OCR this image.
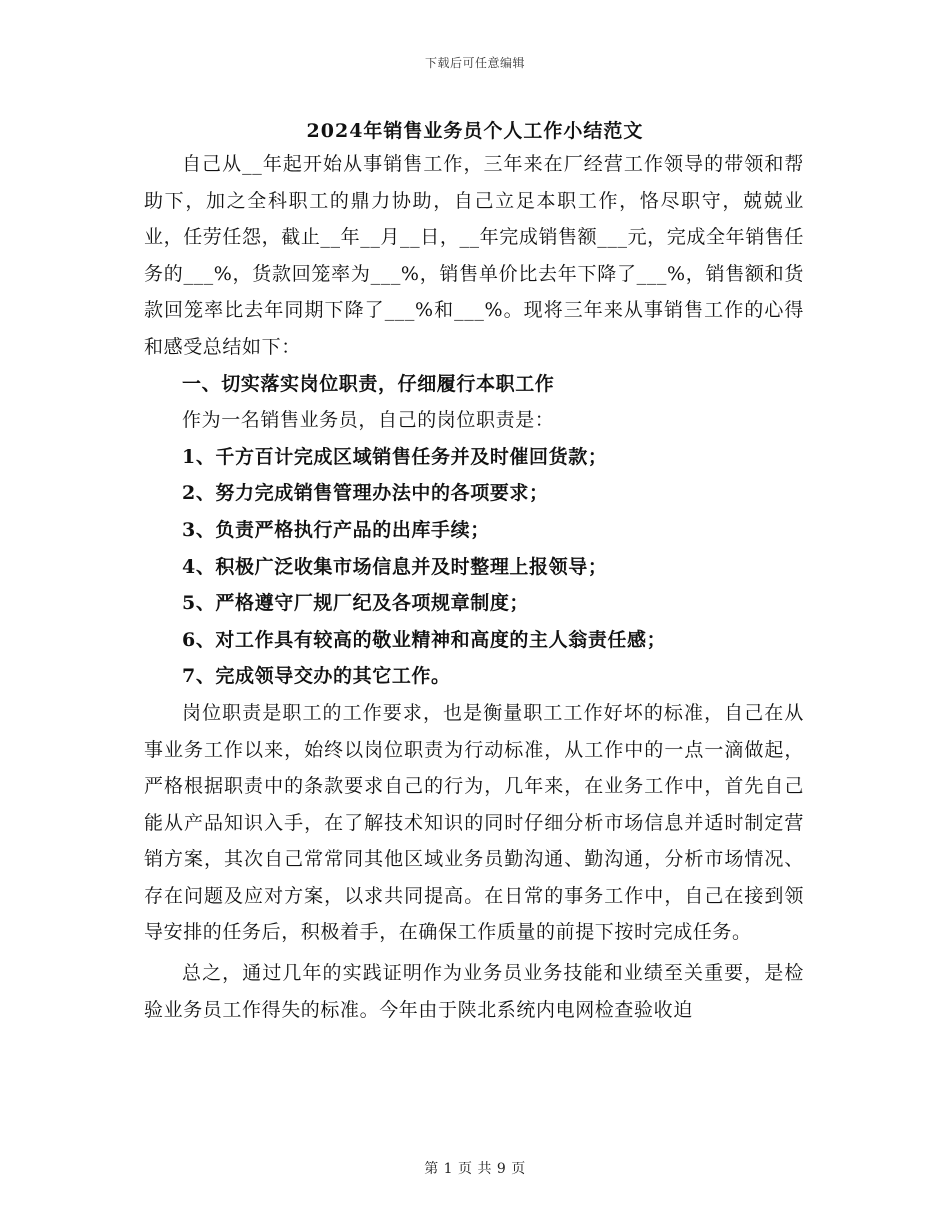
下载后可任意编辑
2024年销售业务员个人工作小结范文

自己从__年起开始从事销售工作，三年来在厂经营工作领导的带领和帮助下，加之全科职工的鼎力协助，自己立足本职工作，恪尽职守，兢兢业业，任劳任怨，截止__年__月__日，__年完成销售额___元，完成全年销售任务的___%，货款回笼率为___%，销售单价比去年下降了___%，销售额和货款回笼率比去年同期下降了___%和___%。现将三年来从事销售工作的心得和感受总结如下：

一、切实落实岗位职责，仔细履行本职工作

作为一名销售业务员，自己的岗位职责是：

1、千方百计完成区域销售任务并及时催回货款；

2、努力完成销售管理办法中的各项要求；

3、负责严格执行产品的出库手续；

4、积极广泛收集市场信息并及时整理上报领导；

5、严格遵守厂规厂纪及各项规章制度；

6、对工作具有较高的敬业精神和高度的主人翁责任感；

7、完成领导交办的其它工作。

岗位职责是职工的工作要求，也是衡量职工工作好坏的标准，自己在从事业务工作以来，始终以岗位职责为行动标准，从工作中的一点一滴做起，严格根据职责中的条款要求自己的行为，几年来，在业务工作中，首先自己能从产品知识入手，在了解技术知识的同时仔细分析市场信息并适时制定营销方案，其次自己常常同其他区域业务员勤沟通、勤沟通，分析市场情况、存在问题及应对方案，以求共同提高。在日常的事务工作中，自己在接到领导安排的任务后，积极着手，在确保工作质量的前提下按时完成任务。

总之，通过几年的实践证明作为业务员业务技能和业绩至关重要，是检验业务员工作得失的标准。今年由于陕北系统内电网检查验收迫

第 1 页 共 9 页
